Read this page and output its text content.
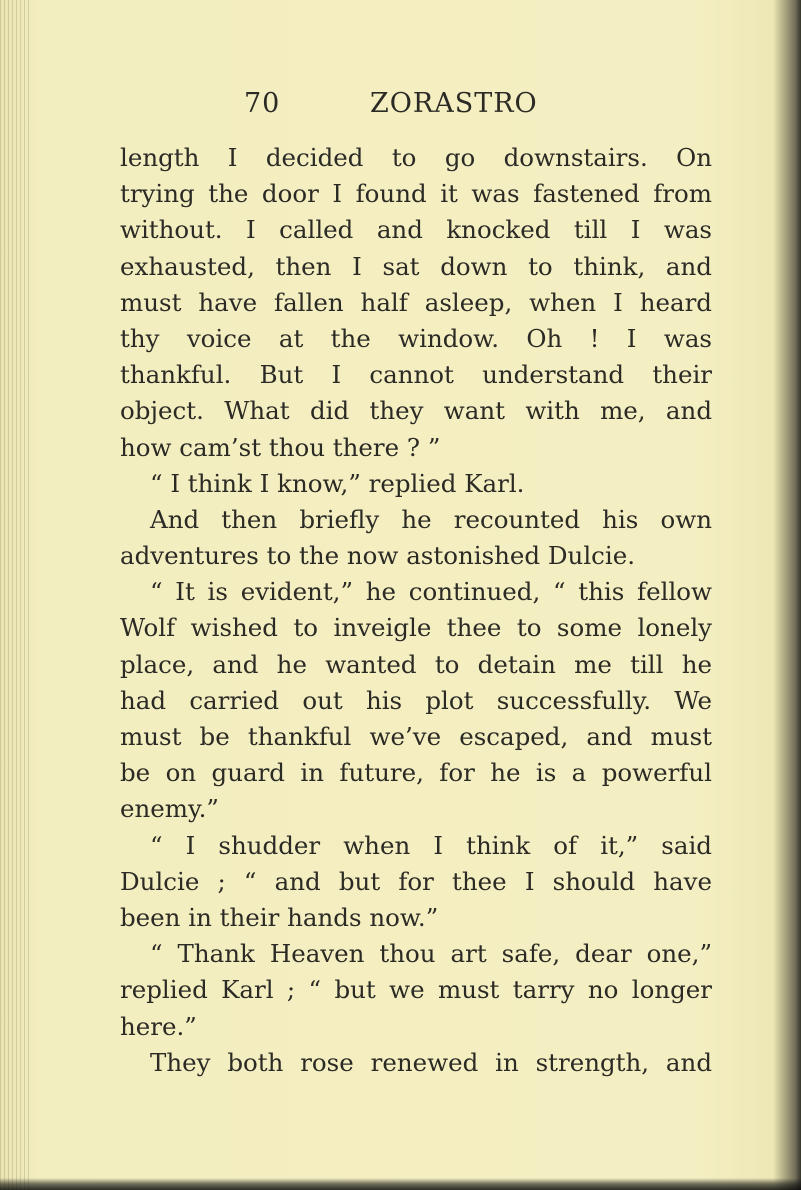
70	ZORASTRO
length I decided to go downstairs. On
trying the door I found it was fastened from
without. I called and knocked till I was
exhausted, then I sat down to think, and
must have fallen half asleep, when I heard
thy voice at the window. Oh ! I was
thankful. But I cannot understand their
object. What did they want with me, and
how cam’st thou there ? ”
“ I think I know,” replied Karl.
And then briefly he recounted his own
adventures to the now astonished Dulcie.
“ It is evident,” he continued, “ this fellow
Wolf wished to inveigle thee to some lonely
place, and he wanted to detain me till he
had carried out his plot successfully. We
must be thankful we’ve escaped, and must
be on guard in future, for he is a powerful
enemy.”
“ I shudder when I think of it,” said
Dulcie ; “ and but for thee I should have
been in their hands now.”
“ Thank Heaven thou art safe, dear one,”
replied Karl ; “ but we must tarry no longer
here.”
They both rose renewed in strength, and
